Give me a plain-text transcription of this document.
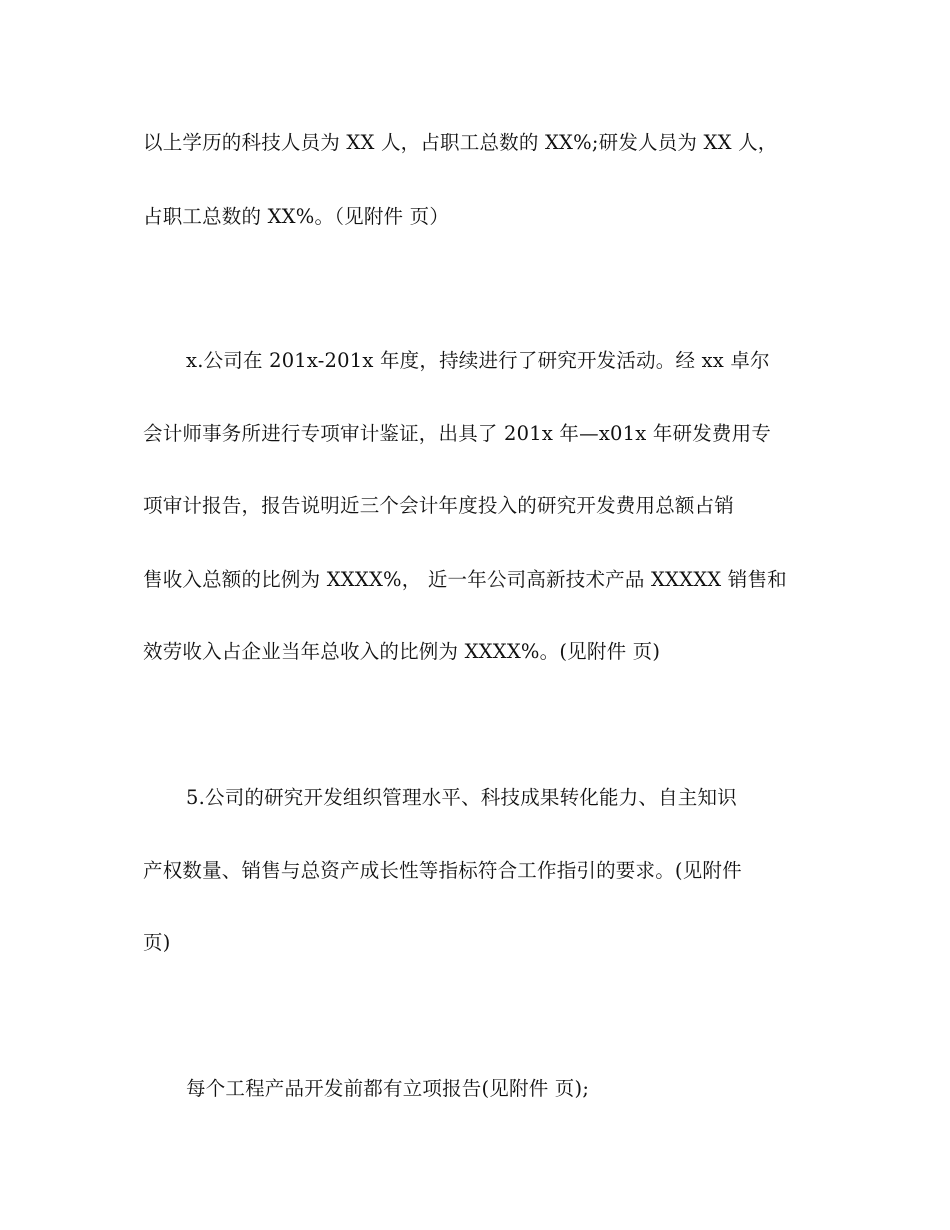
以上学历的科技人员为 XX 人，占职工总数的 XX%;研发人员为 XX 人，

占职工总数的 XX%。（见附件 页）

x.公司在 201x-201x 年度，持续进行了研究开发活动。经 xx 卓尔

会计师事务所进行专项审计鉴证，出具了 201x 年—x01x 年研发费用专

项审计报告，报告说明近三个会计年度投入的研究开发费用总额占销

售收入总额的比例为 XXXX%， 近一年公司高新技术产品 XXXXX 销售和

效劳收入占企业当年总收入的比例为 XXXX%。(见附件 页)

5.公司的研究开发组织管理水平、科技成果转化能力、自主知识

产权数量、销售与总资产成长性等指标符合工作指引的要求。(见附件

页)

每个工程产品开发前都有立项报告(见附件 页);
